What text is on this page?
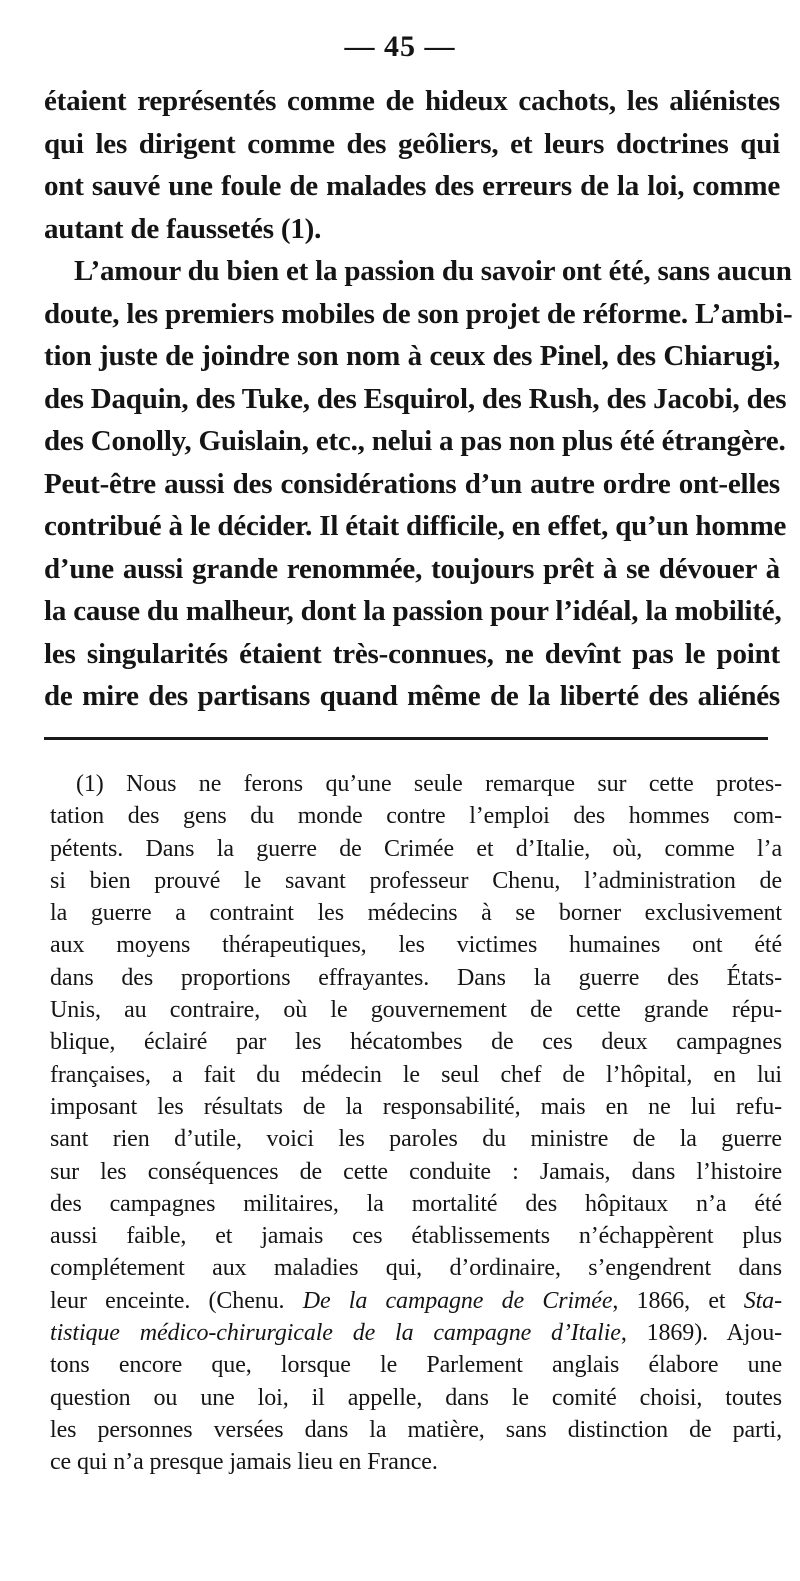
— 45 —
étaient représentés comme de hideux cachots, les aliénistes
qui les dirigent comme des geôliers, et leurs doctrines qui
ont sauvé une foule de malades des erreurs de la loi, comme
autant de faussetés (1).
L’amour du bien et la passion du savoir ont été, sans aucun
doute, les premiers mobiles de son projet de réforme. L’ambi-
tion juste de joindre son nom à ceux des Pinel, des Chiarugi,
des Daquin, des Tuke, des Esquirol, des Rush, des Jacobi, des
des Conolly, Guislain, etc., nelui a pas non plus été étrangère.
Peut-être aussi des considérations d’un autre ordre ont-elles
contribué à le décider. Il était difficile, en effet, qu’un homme
d’une aussi grande renommée, toujours prêt à se dévouer à
la cause du malheur, dont la passion pour l’idéal, la mobilité,
les singularités étaient très-connues, ne devînt pas le point
de mire des partisans quand même de la liberté des aliénés
(1) Nous ne ferons qu’une seule remarque sur cette protes-
tation des gens du monde contre l’emploi des hommes com-
pétents. Dans la guerre de Crimée et d’Italie, où, comme l’a
si bien prouvé le savant professeur Chenu, l’administration de
la guerre a contraint les médecins à se borner exclusivement
aux moyens thérapeutiques, les victimes humaines ont été
dans des proportions effrayantes. Dans la guerre des États-
Unis, au contraire, où le gouvernement de cette grande répu-
blique, éclairé par les hécatombes de ces deux campagnes
françaises, a fait du médecin le seul chef de l’hôpital, en lui
imposant les résultats de la responsabilité, mais en ne lui refu-
sant rien d’utile, voici les paroles du ministre de la guerre
sur les conséquences de cette conduite : Jamais, dans l’histoire
des campagnes militaires, la mortalité des hôpitaux n’a été
aussi faible, et jamais ces établissements n’échappèrent plus
complétement aux maladies qui, d’ordinaire, s’engendrent dans
leur enceinte. (Chenu. De la campagne de Crimée, 1866, et Sta-
tistique médico-chirurgicale de la campagne d’Italie, 1869). Ajou-
tons encore que, lorsque le Parlement anglais élabore une
question ou une loi, il appelle, dans le comité choisi, toutes
les personnes versées dans la matière, sans distinction de parti,
ce qui n’a presque jamais lieu en France.
